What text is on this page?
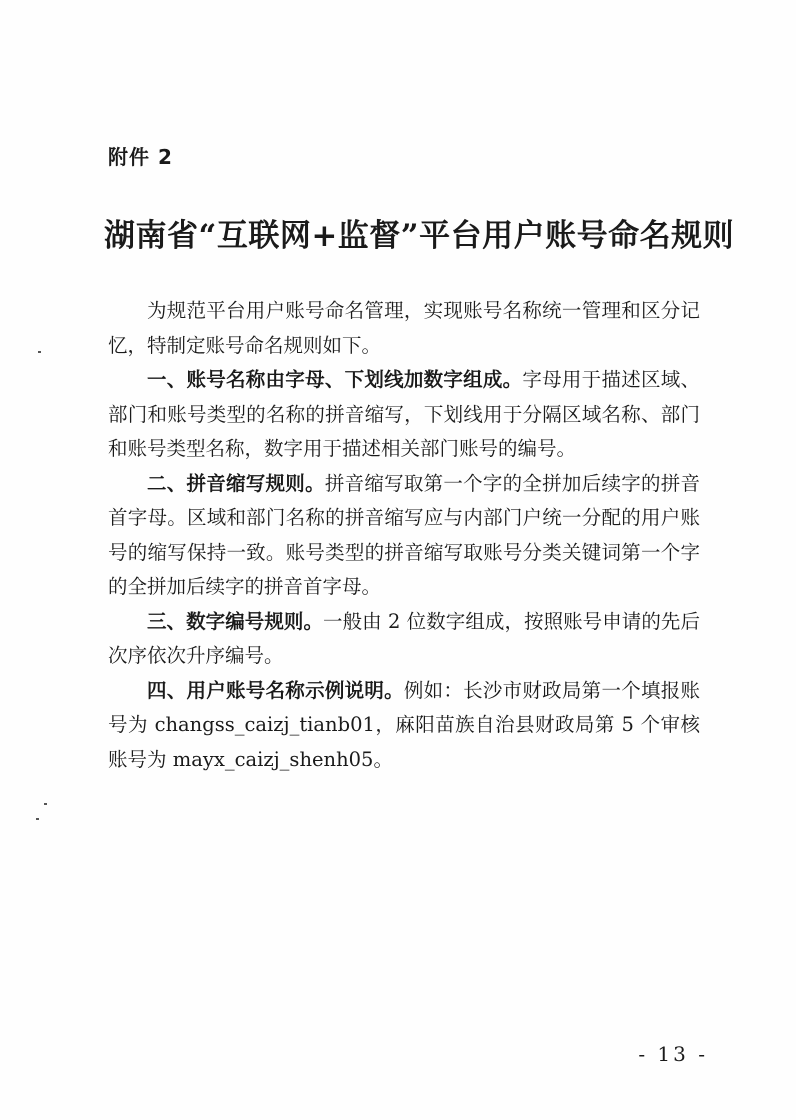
附件 2
湖南省“互联网+监督”平台用户账号命名规则

为规范平台用户账号命名管理，实现账号名称统一管理和区分记忆，特制定账号命名规则如下。

一、账号名称由字母、下划线加数字组成。字母用于描述区域、部门和账号类型的名称的拼音缩写，下划线用于分隔区域名称、部门和账号类型名称，数字用于描述相关部门账号的编号。

二、拼音缩写规则。拼音缩写取第一个字的全拼加后续字的拼音首字母。区域和部门名称的拼音缩写应与内部门户统一分配的用户账号的缩写保持一致。账号类型的拼音缩写取账号分类关键词第一个字的全拼加后续字的拼音首字母。

三、数字编号规则。一般由 2 位数字组成，按照账号申请的先后次序依次升序编号。

四、用户账号名称示例说明。例如：长沙市财政局第一个填报账号为 changss_caizj_tianb01，麻阳苗族自治县财政局第 5 个审核账号为 mayx_caizj_shenh05。

- 13 -
